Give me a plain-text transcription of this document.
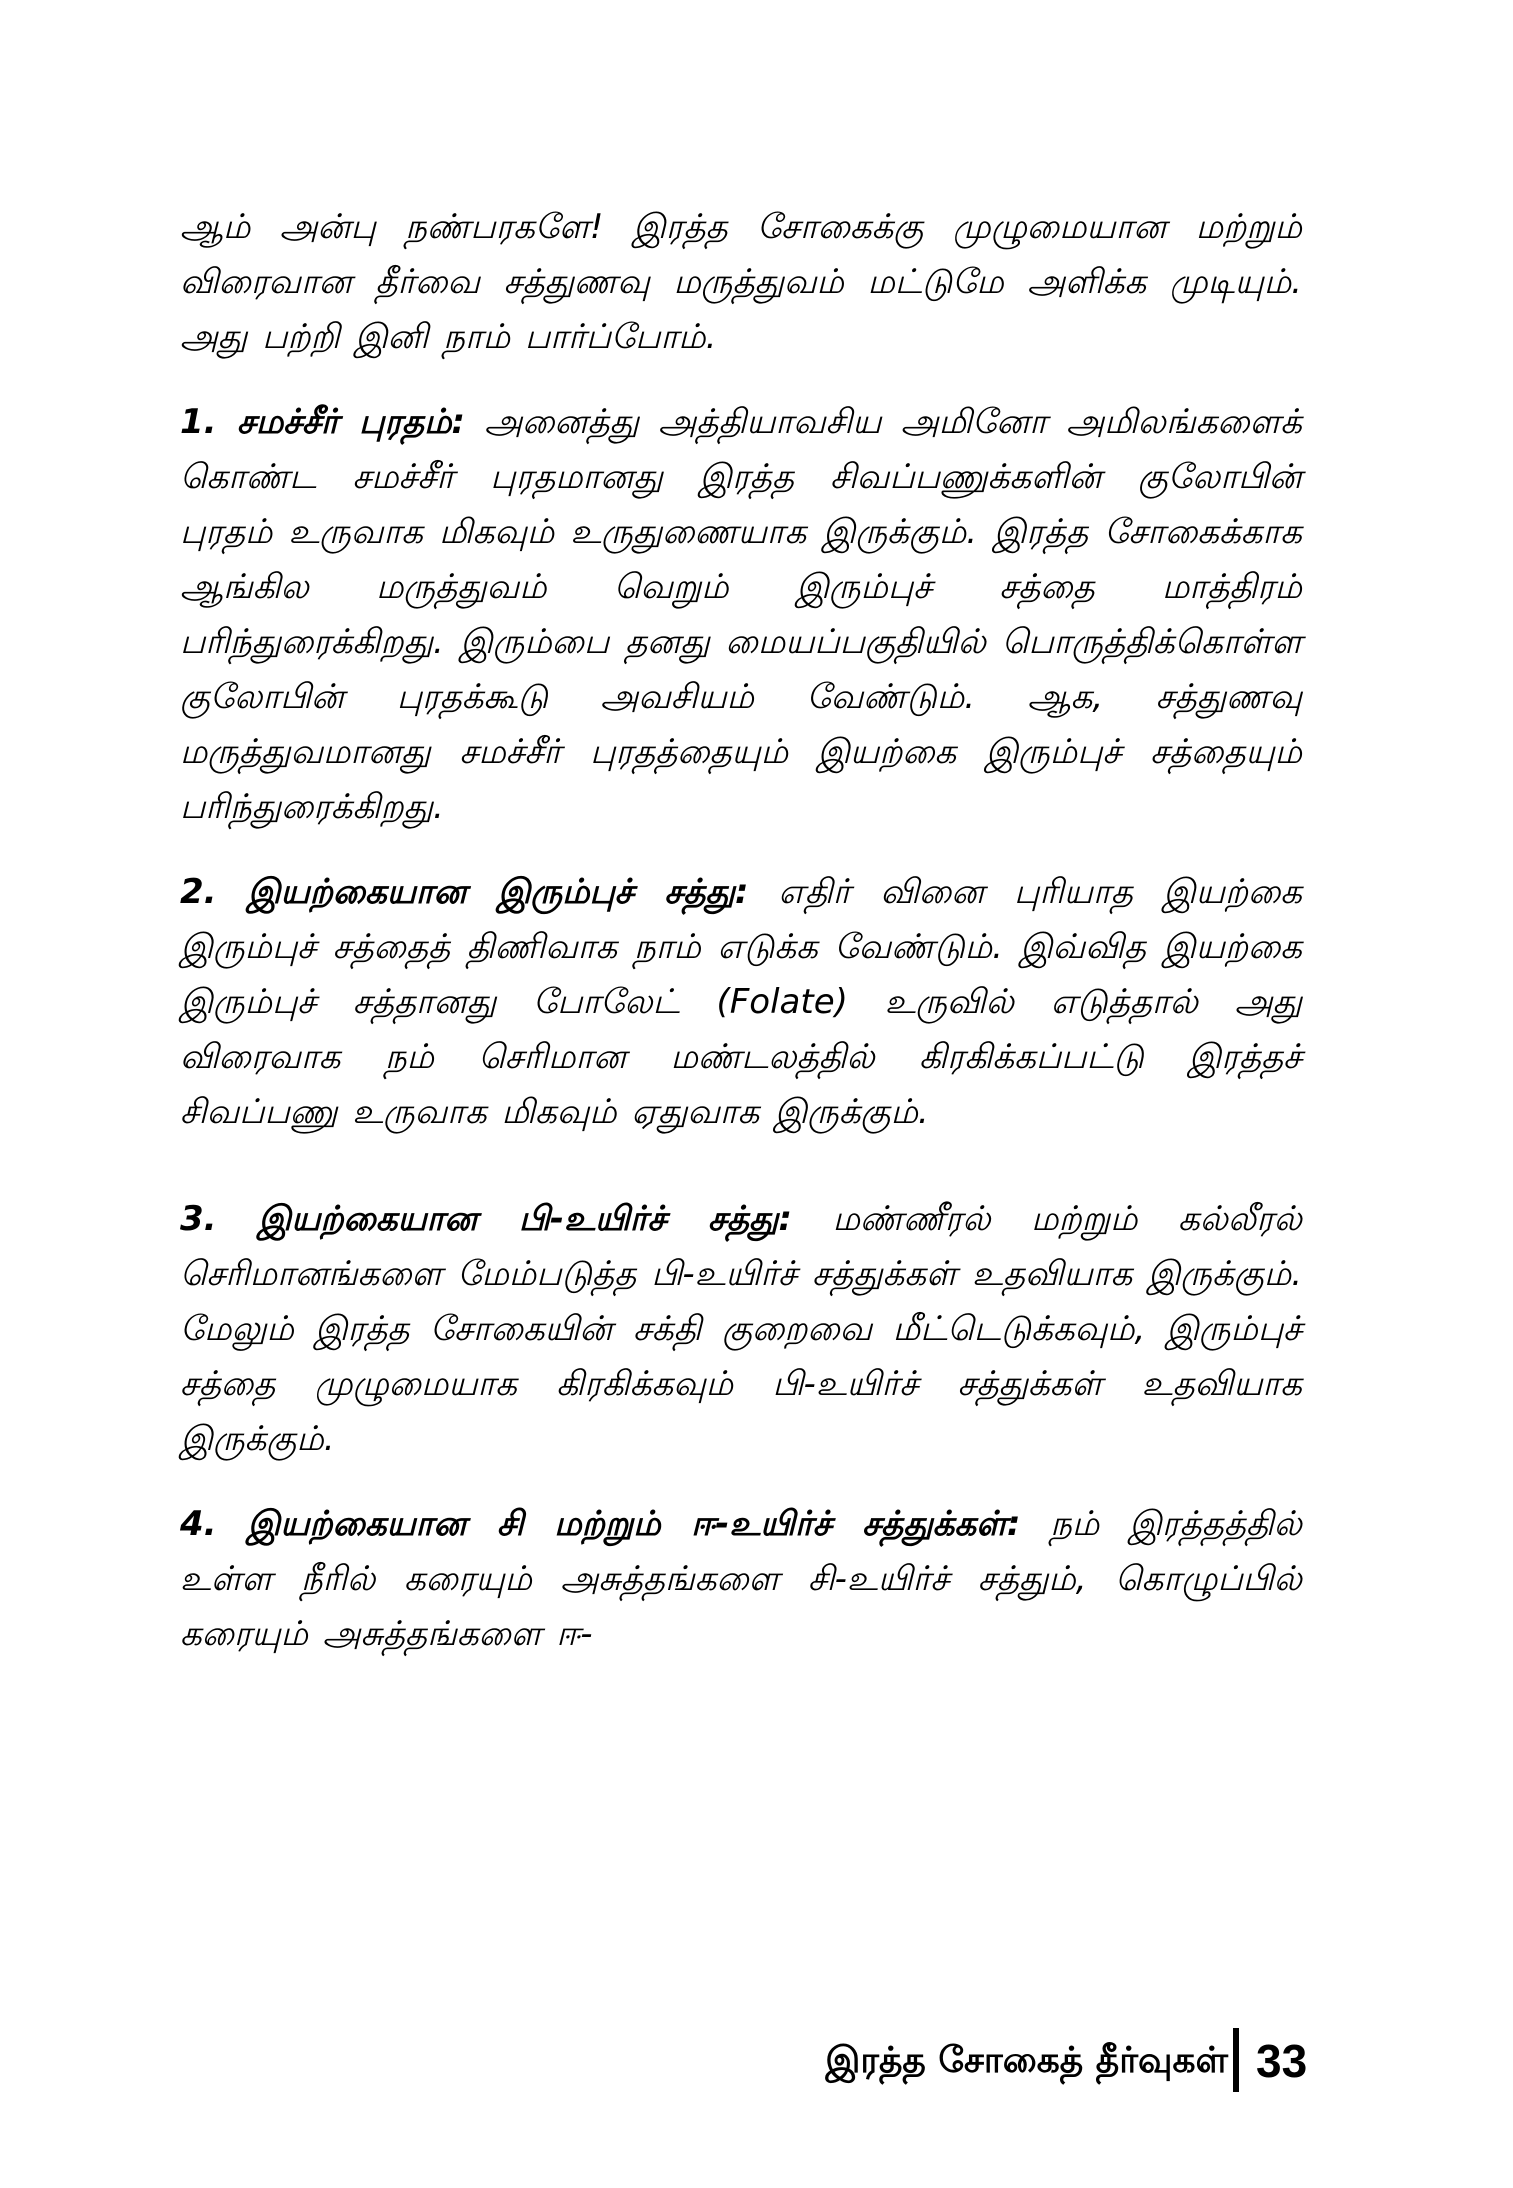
ஆம் அன்பு நண்பரகளே! இரத்த சோகைக்கு முழுமையான மற்றும் விரைவான தீர்வை சத்துணவு மருத்துவம் மட்டுமே அளிக்க முடியும். அது பற்றி இனி நாம் பார்ப்போம்.

1. சமச்சீர் புரதம்: அனைத்து அத்தியாவசிய அமினோ அமிலங்களைக் கொண்ட சமச்சீர் புரதமானது இரத்த சிவப்பணுக்களின் குலோபின் புரதம் உருவாக மிகவும் உருதுணையாக இருக்கும். இரத்த சோகைக்காக ஆங்கில மருத்துவம் வெறும் இரும்புச் சத்தை மாத்திரம் பரிந்துரைக்கிறது. இரும்பை தனது மையப்பகுதியில் பொருத்திக்கொள்ள குலோபின் புரதக்கூடு அவசியம் வேண்டும். ஆக, சத்துணவு மருத்துவமானது சமச்சீர் புரதத்தையும் இயற்கை இரும்புச் சத்தையும் பரிந்துரைக்கிறது.

2. இயற்கையான இரும்புச் சத்து: எதிர் வினை புரியாத இயற்கை இரும்புச் சத்தைத் திணிவாக நாம் எடுக்க வேண்டும். இவ்வித இயற்கை இரும்புச் சத்தானது போலேட் (Folate) உருவில் எடுத்தால் அது விரைவாக நம் செரிமான மண்டலத்தில் கிரகிக்கப்பட்டு இரத்தச் சிவப்பணு உருவாக மிகவும் ஏதுவாக இருக்கும்.

3. இயற்கையான பி-உயிர்ச் சத்து: மண்ணீரல் மற்றும் கல்லீரல் செரிமானங்களை மேம்படுத்த பி-உயிர்ச் சத்துக்கள் உதவியாக இருக்கும். மேலும் இரத்த சோகையின் சக்தி குறைவை மீட்டெடுக்கவும், இரும்புச் சத்தை முழுமையாக கிரகிக்கவும் பி-உயிர்ச் சத்துக்கள் உதவியாக இருக்கும்.

4. இயற்கையான சி மற்றும் ஈ-உயிர்ச் சத்துக்கள்: நம் இரத்தத்தில் உள்ள நீரில் கரையும் அசுத்தங்களை சி-உயிர்ச் சத்தும், கொழுப்பில் கரையும் அசுத்தங்களை ஈ-

இரத்த சோகைத் தீர்வுகள் 33
